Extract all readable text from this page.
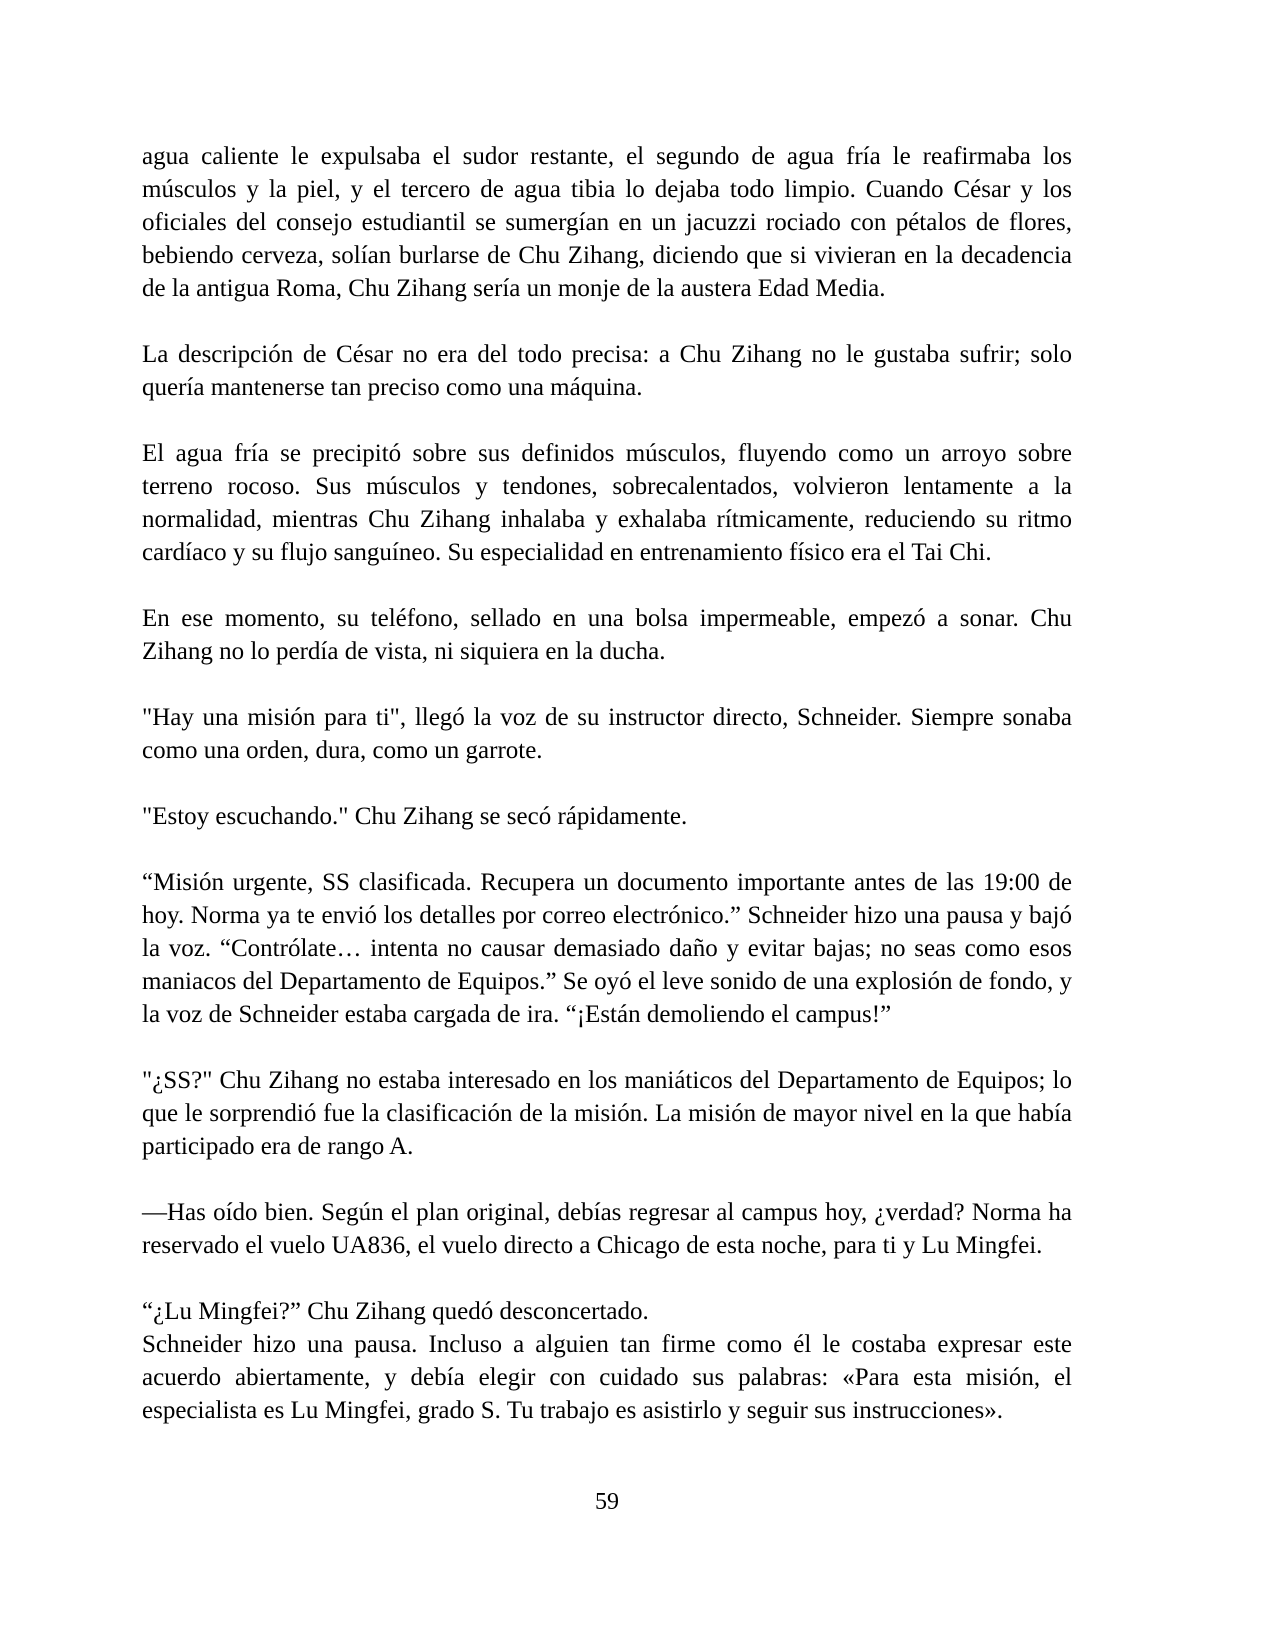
agua caliente le expulsaba el sudor restante, el segundo de agua fría le reafirmaba los músculos y la piel, y el tercero de agua tibia lo dejaba todo limpio. Cuando César y los oficiales del consejo estudiantil se sumergían en un jacuzzi rociado con pétalos de flores, bebiendo cerveza, solían burlarse de Chu Zihang, diciendo que si vivieran en la decadencia de la antigua Roma, Chu Zihang sería un monje de la austera Edad Media.

La descripción de César no era del todo precisa: a Chu Zihang no le gustaba sufrir; solo quería mantenerse tan preciso como una máquina.

El agua fría se precipitó sobre sus definidos músculos, fluyendo como un arroyo sobre terreno rocoso. Sus músculos y tendones, sobrecalentados, volvieron lentamente a la normalidad, mientras Chu Zihang inhalaba y exhalaba rítmicamente, reduciendo su ritmo cardíaco y su flujo sanguíneo. Su especialidad en entrenamiento físico era el Tai Chi.

En ese momento, su teléfono, sellado en una bolsa impermeable, empezó a sonar. Chu Zihang no lo perdía de vista, ni siquiera en la ducha.

"Hay una misión para ti", llegó la voz de su instructor directo, Schneider. Siempre sonaba como una orden, dura, como un garrote.

"Estoy escuchando." Chu Zihang se secó rápidamente.

“Misión urgente, SS clasificada. Recupera un documento importante antes de las 19:00 de hoy. Norma ya te envió los detalles por correo electrónico.” Schneider hizo una pausa y bajó la voz. “Contrólate… intenta no causar demasiado daño y evitar bajas; no seas como esos maniacos del Departamento de Equipos.” Se oyó el leve sonido de una explosión de fondo, y la voz de Schneider estaba cargada de ira. “¡Están demoliendo el campus!”

"¿SS?" Chu Zihang no estaba interesado en los maniáticos del Departamento de Equipos; lo que le sorprendió fue la clasificación de la misión. La misión de mayor nivel en la que había participado era de rango A.

—Has oído bien. Según el plan original, debías regresar al campus hoy, ¿verdad? Norma ha reservado el vuelo UA836, el vuelo directo a Chicago de esta noche, para ti y Lu Mingfei.

“¿Lu Mingfei?” Chu Zihang quedó desconcertado.

Schneider hizo una pausa. Incluso a alguien tan firme como él le costaba expresar este acuerdo abiertamente, y debía elegir con cuidado sus palabras: «Para esta misión, el especialista es Lu Mingfei, grado S. Tu trabajo es asistirlo y seguir sus instrucciones».

59
